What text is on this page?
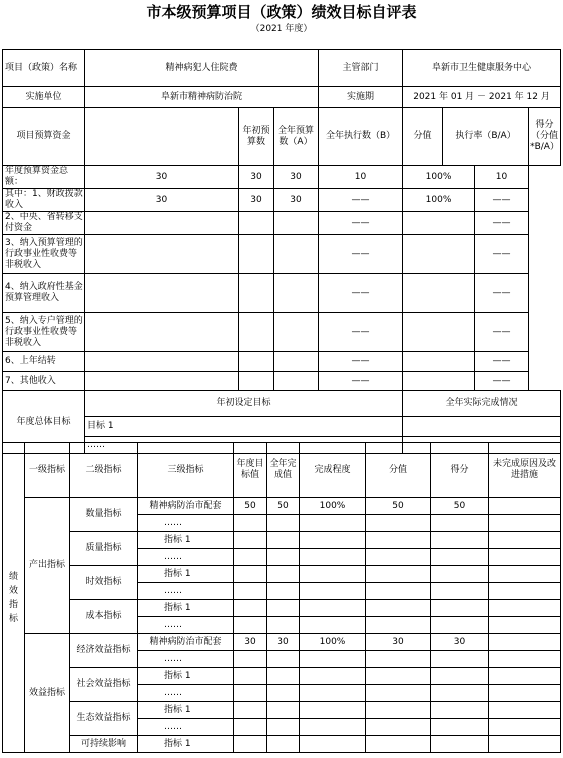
市本级预算项目（政策）绩效目标自评表
（2021 年度）
项目（政策）名称	精神病犯人住院费			主管部门	阜新市卫生健康服务中心			
实施单位	阜新市精神病防治院			实施期	2021 年 01 月 － 2021 年 12 月			
项目预算资金		年初预算数	全年预算数（A）	全年执行数（B）	分值	执行率（B/A）		得分（分值*B/A）
年度预算资金总额：	30	30	30	10	100%		10	
其中：1、财政拨款收入	30	30	30	——	100%		——	
2、中央、省转移支付资金				——			——	
3、纳入预算管理的行政事业性收费等非税收入				——			——	
4、纳入政府性基金预算管理收入				——			——	
5、纳入专户管理的行政事业性收费等非税收入				——			——	
6、上年结转				——			——	
7、其他收入				——			——	
年度总体目标	年初设定目标				全年实际完成情况			
	目标 1							
	……							
绩效指标	一级指标	二级指标	三级指标	年度目标值	全年完成值	完成程度	分值	得分	未完成原因及改进措施
	产出指标	数量指标	精神病防治市配套	50	50	100%	50	50	
			……						
		质量指标	指标 1						
			……						
		时效指标	指标 1						
			……						
		成本指标	指标 1						
			……						
	效益指标	经济效益指标	精神病防治市配套	30	30	100%	30	30	
			……						
		社会效益指标	指标 1						
			……						
		生态效益指标	指标 1						
			……						
		可持续影响	指标 1						
